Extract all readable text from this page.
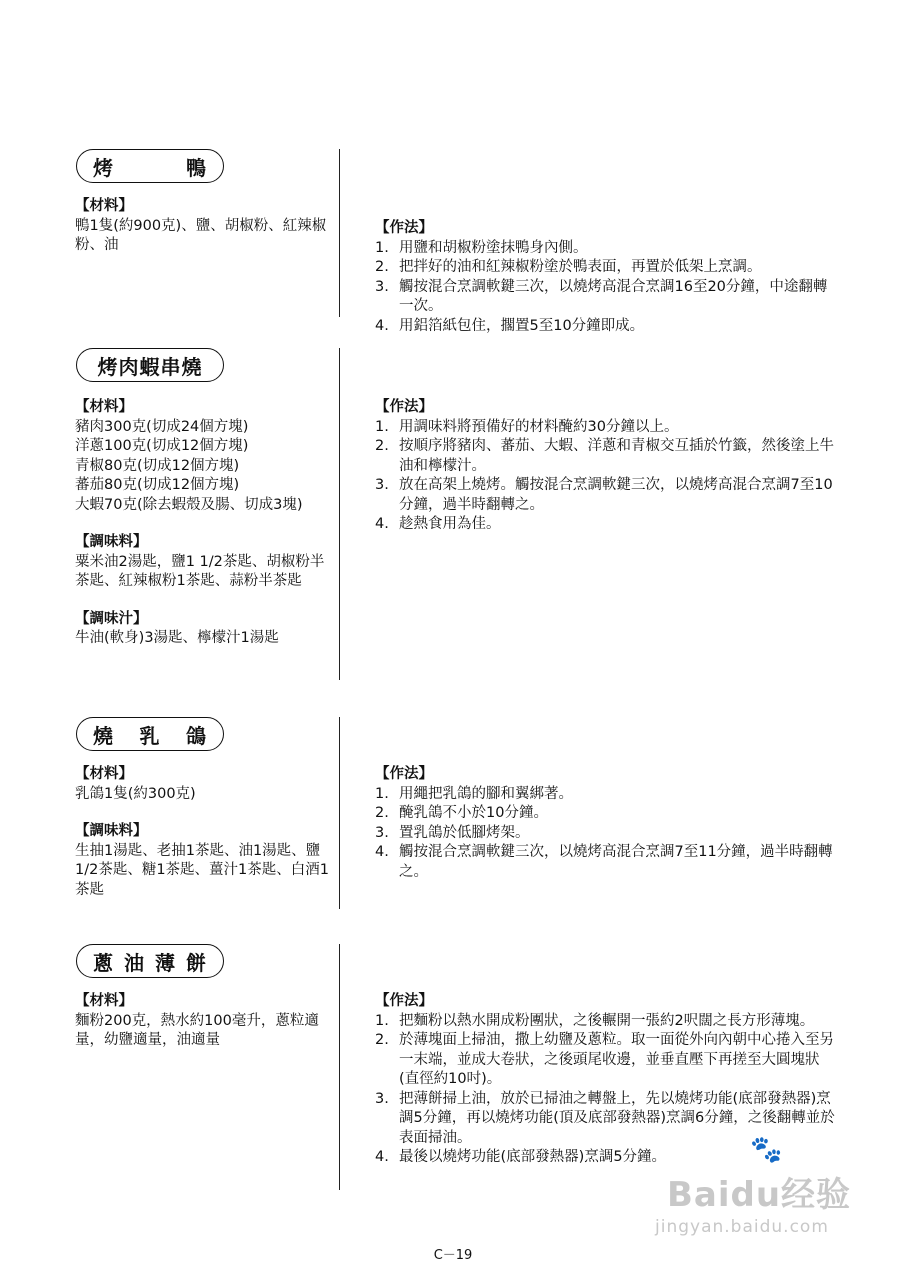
烤	鴨
【材料】
鴨1隻(約900克)、鹽、胡椒粉、紅辣椒粉、油
【作法】
1. 用鹽和胡椒粉塗抹鴨身內側。
2. 把拌好的油和紅辣椒粉塗於鴨表面，再置於低架上烹調。
3. 觸按混合烹調軟鍵三次，以燒烤高混合烹調16至20分鐘，中途翻轉一次。
4. 用鋁箔紙包住，擱置5至10分鐘即成。
烤肉蝦串燒
【材料】
豬肉300克(切成24個方塊)
洋蔥100克(切成12個方塊)
青椒80克(切成12個方塊)
蕃茄80克(切成12個方塊)
大蝦70克(除去蝦殼及腸、切成3塊)
【調味料】
粟米油2湯匙，鹽1 1/2茶匙、胡椒粉半茶匙、紅辣椒粉1茶匙、蒜粉半茶匙
【調味汁】
牛油(軟身)3湯匙、檸檬汁1湯匙
【作法】
1. 用調味料將預備好的材料醃約30分鐘以上。
2. 按順序將豬肉、蕃茄、大蝦、洋蔥和青椒交互插於竹籤，然後塗上牛油和檸檬汁。
3. 放在高架上燒烤。觸按混合烹調軟鍵三次，以燒烤高混合烹調7至10分鐘，過半時翻轉之。
4. 趁熱食用為佳。
燒 乳 鴿
【材料】
乳鴿1隻(約300克)
【調味料】
生抽1湯匙、老抽1茶匙、油1湯匙、鹽1/2茶匙、糖1茶匙、薑汁1茶匙、白酒1茶匙
【作法】
1. 用繩把乳鴿的腳和翼綁著。
2. 醃乳鴿不小於10分鐘。
3. 置乳鴿於低腳烤架。
4. 觸按混合烹調軟鍵三次，以燒烤高混合烹調7至11分鐘，過半時翻轉之。
蔥 油 薄 餅
【材料】
麵粉200克，熱水約100毫升，蔥粒適量，幼鹽適量，油適量
【作法】
1. 把麵粉以熱水開成粉團狀，之後輾開一張約2呎闊之長方形薄塊。
2. 於薄塊面上掃油，撒上幼鹽及蔥粒。取一面從外向內朝中心捲入至另一末端，並成大卷狀，之後頭尾收邊，並垂直壓下再搓至大圓塊狀(直徑約10吋)。
3. 把薄餅掃上油，放於已掃油之轉盤上，先以燒烤功能(底部發熱器)烹調5分鐘，再以燒烤功能(頂及底部發熱器)烹調6分鐘，之後翻轉並於表面掃油。
4. 最後以燒烤功能(底部發熱器)烹調5分鐘。	🐾
Baidu经验
jingyan.baidu.com
C－19
